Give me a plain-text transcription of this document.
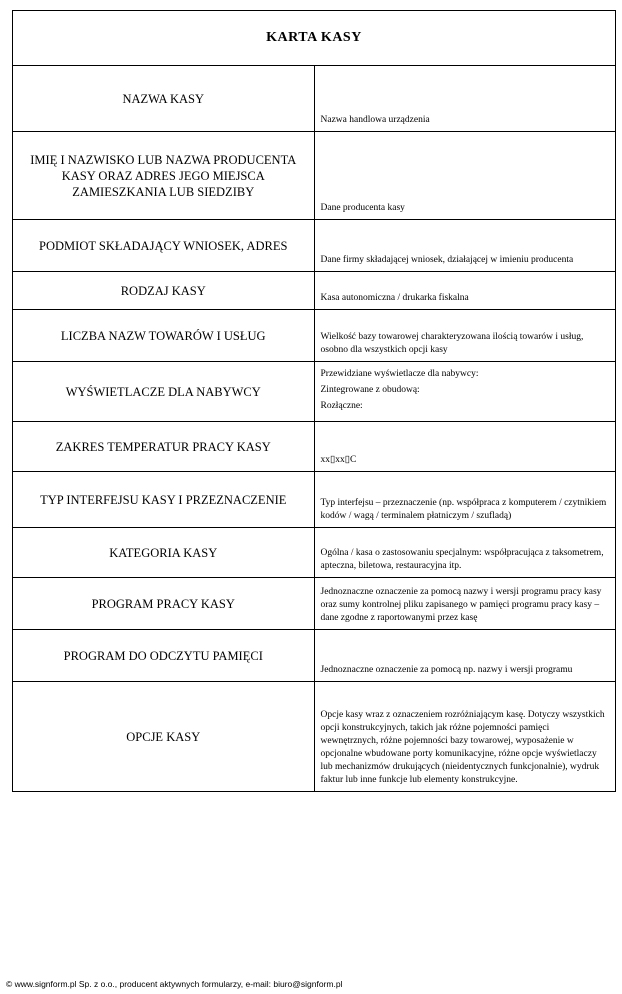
KARTA KASY	
NAZWA KASY	Nazwa handlowa urządzenia

IMIĘ I NAZWISKO LUB NAZWA PRODUCENTA KASY ORAZ ADRES JEGO MIEJSCA ZAMIESZKANIA LUB SIEDZIBY	Dane producenta kasy

PODMIOT SKŁADAJĄCY WNIOSEK, ADRES	Dane firmy składającej wniosek, działającej w imieniu producenta

RODZAJ KASY	Kasa autonomiczna / drukarka fiskalna

LICZBA NAZW TOWARÓW I USŁUG	Wielkość bazy towarowej charakteryzowana ilością towarów i usług, osobno dla wszystkich opcji kasy

WYŚWIETLACZE DLA NABYWCY	Przewidziane wyświetlacze dla nabywcy:
Zintegrowane z obudową:
Rozłączne:

ZAKRES TEMPERATUR PRACY KASY	xx▯xx▯C

TYP INTERFEJSU KASY I PRZEZNACZENIE	Typ interfejsu – przeznaczenie (np. współpraca z komputerem / czytnikiem kodów / wagą / terminalem płatniczym / szufladą)

KATEGORIA KASY	Ogólna / kasa o zastosowaniu specjalnym: współpracująca z taksometrem, apteczna, biletowa, restauracyjna itp.

PROGRAM PRACY KASY	Jednoznaczne oznaczenie za pomocą nazwy i wersji programu pracy kasy oraz sumy kontrolnej pliku zapisanego w pamięci programu pracy kasy – dane zgodne z raportowanymi przez kasę

PROGRAM DO ODCZYTU PAMIĘCI	Jednoznaczne oznaczenie za pomocą np. nazwy i wersji programu

OPCJE KASY	Opcje kasy wraz z oznaczeniem rozróżniającym kasę. Dotyczy wszystkich opcji konstrukcyjnych, takich jak różne pojemności pamięci wewnętrznych, różne pojemności bazy towarowej, wyposażenie w opcjonalne wbudowane porty komunikacyjne, różne opcje wyświetlaczy lub mechanizmów drukujących (nieidentycznych funkcjonalnie), wydruk faktur lub inne funkcje lub elementy konstrukcyjne.
© www.signform.pl Sp. z o.o., producent aktywnych formularzy, e-mail: biuro@signform.pl
